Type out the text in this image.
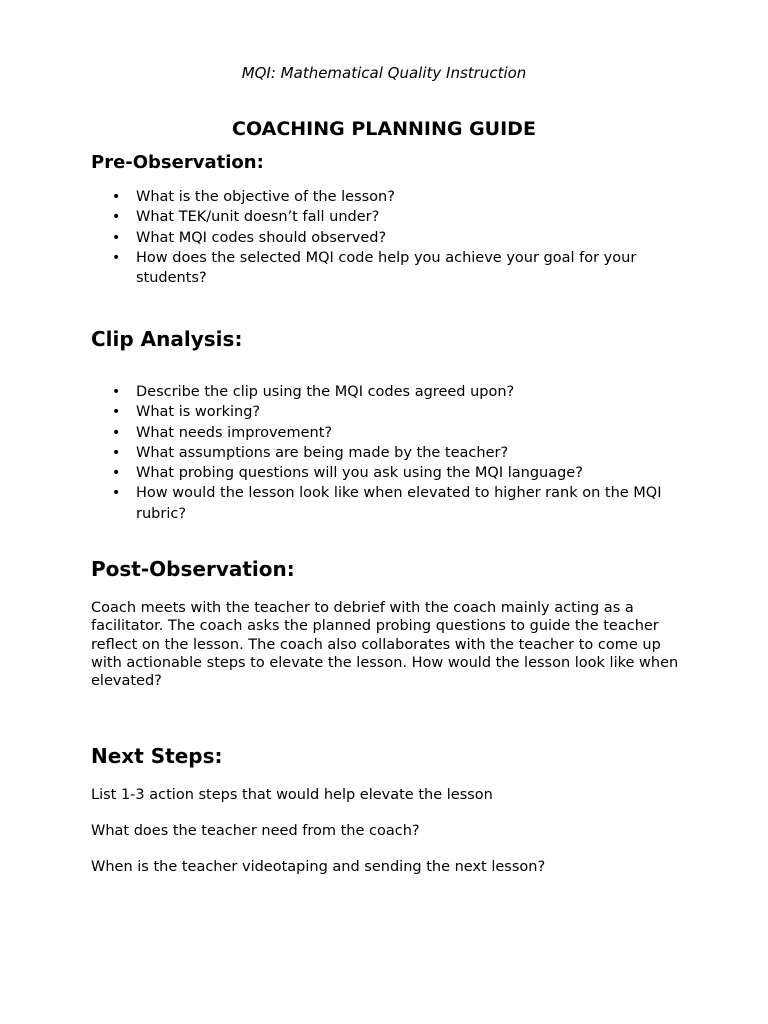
MQI: Mathematical Quality Instruction
COACHING PLANNING GUIDE
Pre-Observation:
• What is the objective of the lesson?
• What TEK/unit doesn’t fall under?
• What MQI codes should observed?
• How does the selected MQI code help you achieve your goal for your students?
Clip Analysis:
• Describe the clip using the MQI codes agreed upon?
• What is working?
• What needs improvement?
• What assumptions are being made by the teacher?
• What probing questions will you ask using the MQI language?
• How would the lesson look like when elevated to higher rank on the MQI rubric?
Post-Observation:

Coach meets with the teacher to debrief with the coach mainly acting as a facilitator. The coach asks the planned probing questions to guide the teacher reflect on the lesson. The coach also collaborates with the teacher to come up with actionable steps to elevate the lesson. How would the lesson look like when elevated?

Next Steps:

List 1-3 action steps that would help elevate the lesson

What does the teacher need from the coach?

When is the teacher videotaping and sending the next lesson?
